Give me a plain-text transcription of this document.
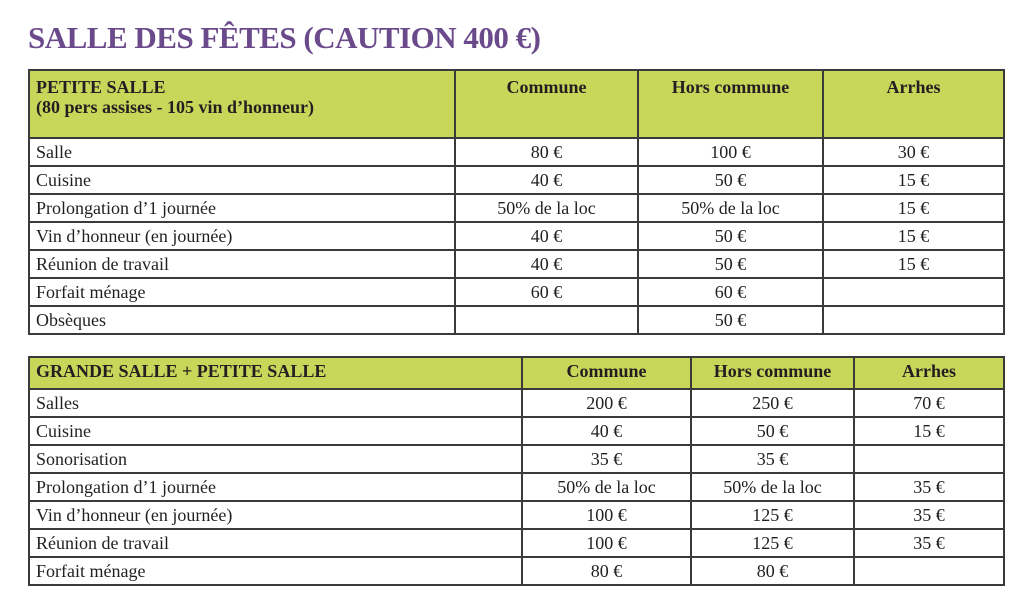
SALLE DES FÊTES (CAUTION 400 €)
PETITE SALLE
(80 pers assises - 105 vin d’honneur)	Commune	Hors commune	Arrhes
Salle	80 €	100 €	30 €
Cuisine	40 €	50 €	15 €
Prolongation d’1 journée	50% de la loc	50% de la loc	15 €
Vin d’honneur (en journée)	40 €	50 €	15 €
Réunion de travail	40 €	50 €	15 €
Forfait ménage	60 €	60 €	
Obsèques		50 €	
GRANDE SALLE + PETITE SALLE	Commune	Hors commune	Arrhes
Salles	200 €	250 €	70 €
Cuisine	40 €	50 €	15 €
Sonorisation	35 €	35 €	
Prolongation d’1 journée	50% de la loc	50% de la loc	35 €
Vin d’honneur (en journée)	100 €	125 €	35 €
Réunion de travail	100 €	125 €	35 €
Forfait ménage	80 €	80 €	
